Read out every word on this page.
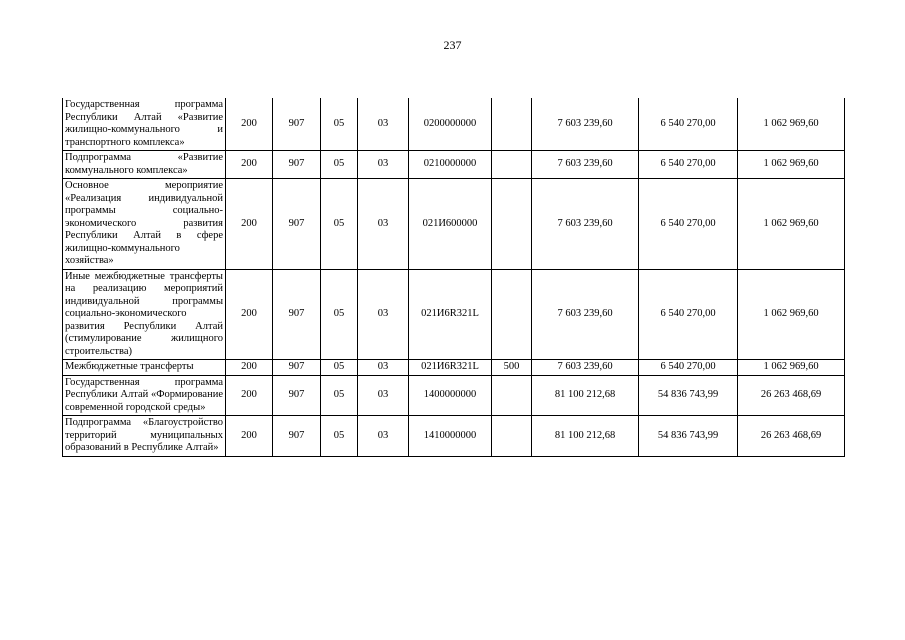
237
Государственная программа Республики Алтай «Развитие жилищно-коммунального и транспортного комплекса»	200	907	05	03	0200000000		7 603 239,60	6 540 270,00	1 062 969,60
Подпрограмма «Развитие коммунального комплекса»	200	907	05	03	0210000000		7 603 239,60	6 540 270,00	1 062 969,60
Основное мероприятие «Реализация индивидуальной программы социально-экономического развития Республики Алтай в сфере жилищно-коммунального хозяйства»	200	907	05	03	021И600000		7 603 239,60	6 540 270,00	1 062 969,60
Иные межбюджетные трансферты на реализацию мероприятий индивидуальной программы социально-экономического развития Республики Алтай (стимулирование жилищного строительства)	200	907	05	03	021И6R321L		7 603 239,60	6 540 270,00	1 062 969,60
Межбюджетные трансферты	200	907	05	03	021И6R321L	500	7 603 239,60	6 540 270,00	1 062 969,60
Государственная программа Республики Алтай «Формирование современной городской среды»	200	907	05	03	1400000000		81 100 212,68	54 836 743,99	26 263 468,69
Подпрограмма «Благоустройство территорий муниципальных образований в Республике Алтай»	200	907	05	03	1410000000		81 100 212,68	54 836 743,99	26 263 468,69
